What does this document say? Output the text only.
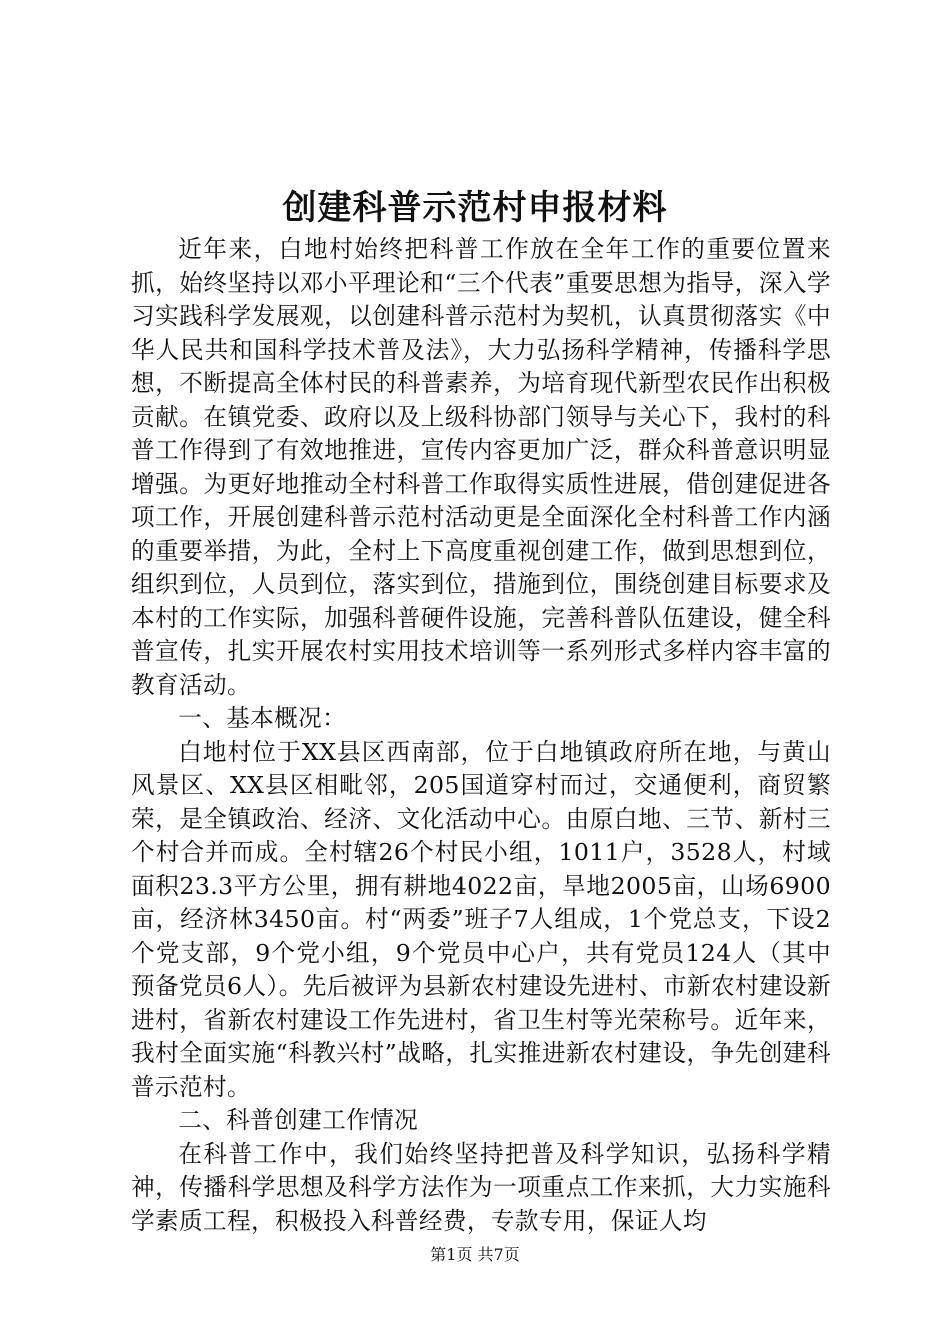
创建科普示范村申报材料

近年来，白地村始终把科普工作放在全年工作的重要位置来抓，始终坚持以邓小平理论和“三个代表”重要思想为指导，深入学习实践科学发展观，以创建科普示范村为契机，认真贯彻落实《中华人民共和国科学技术普及法》，大力弘扬科学精神，传播科学思想，不断提高全体村民的科普素养，为培育现代新型农民作出积极贡献。在镇党委、政府以及上级科协部门领导与关心下，我村的科普工作得到了有效地推进，宣传内容更加广泛，群众科普意识明显增强。为更好地推动全村科普工作取得实质性进展，借创建促进各项工作，开展创建科普示范村活动更是全面深化全村科普工作内涵的重要举措，为此，全村上下高度重视创建工作，做到思想到位，组织到位，人员到位，落实到位，措施到位，围绕创建目标要求及本村的工作实际，加强科普硬件设施，完善科普队伍建设，健全科普宣传，扎实开展农村实用技术培训等一系列形式多样内容丰富的教育活动。

一、基本概况：

白地村位于XX县区西南部，位于白地镇政府所在地，与黄山风景区、XX县区相毗邻，205国道穿村而过，交通便利，商贸繁荣，是全镇政治、经济、文化活动中心。由原白地、三节、新村三个村合并而成。全村辖26个村民小组，1011户，3528人，村域面积23.3平方公里，拥有耕地4022亩，旱地2005亩，山场6900亩，经济林3450亩。村“两委”班子7人组成，1个党总支，下设2个党支部，9个党小组，9个党员中心户，共有党员124人（其中预备党员6人）。先后被评为县新农村建设先进村、市新农村建设新进村，省新农村建设工作先进村，省卫生村等光荣称号。近年来，我村全面实施“科教兴村”战略，扎实推进新农村建设，争先创建科普示范村。

二、科普创建工作情况

在科普工作中，我们始终坚持把普及科学知识，弘扬科学精神，传播科学思想及科学方法作为一项重点工作来抓，大力实施科学素质工程，积极投入科普经费，专款专用，保证人均

第1页 共7页
